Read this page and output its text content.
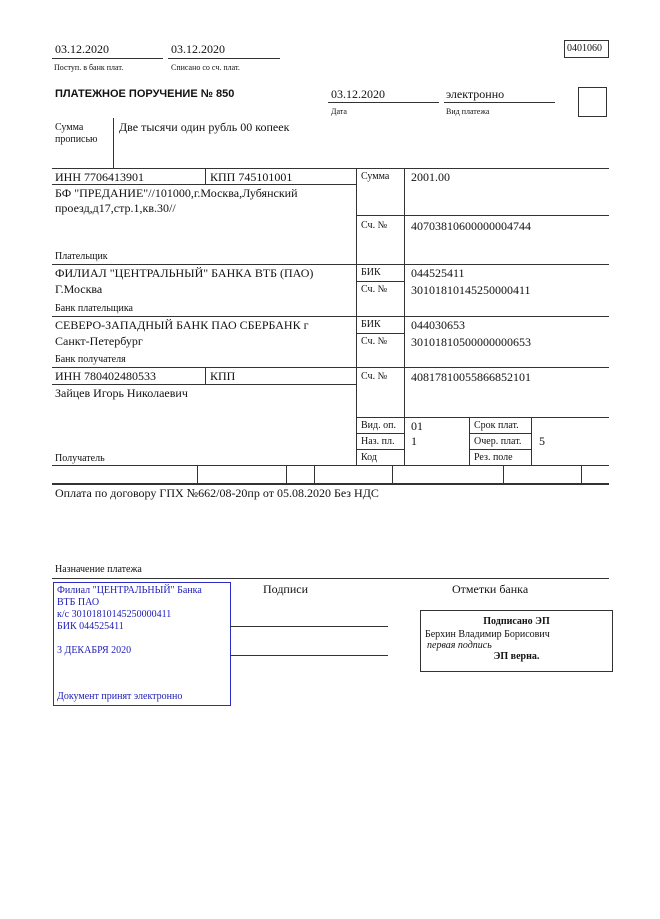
03.12.2020
Поступ. в банк плат.
03.12.2020
Списано со сч. плат.
0401060
ПЛАТЕЖНОЕ ПОРУЧЕНИЕ № 850	03.12.2020
Дата
электронно
Вид платежа
Сумма
прописью
Две тысячи один рубль 00 копеек
ИНН 7706413901	КПП 745101001
БФ "ПРЕДАНИЕ"//101000,г.Москва,Лубянский
проезд,д17,стр.1,кв.30//
Плательщик
Сумма 2001.00
Сч. № 40703810600000004744
ФИЛИАЛ "ЦЕНТРАЛЬНЫЙ" БАНКА ВТБ (ПАО)
Г.Москва
Банк плательщика
БИК	044525411
Сч. № 30101810145250000411
СЕВЕРО-ЗАПАДНЫЙ БАНК ПАО СБЕРБАНК г
Санкт-Петербург
Банк получателя
БИК	044030653
Сч. № 30101810500000000653
ИНН 780402480533	КПП
Зайцев Игорь Николаевич
Получатель
Сч. № 40817810055866852101
Вид. оп. 01
Наз. пл. 1
Код
Срок плат.
Очер. плат. 5
Рез. поле
Оплата по договору ГПХ №662/08-20пр от 05.08.2020 Без НДС
Назначение платежа
Филиал "ЦЕНТРАЛЬНЫЙ" Банка
ВТБ ПАО
к/с 30101810145250000411
БИК 044525411
3 ДЕКАБРЯ 2020
Документ принят электронно
Подписи	Отметки банка
Подписано ЭП
Берхин Владимир Борисович
первая подпись
ЭП верна.
